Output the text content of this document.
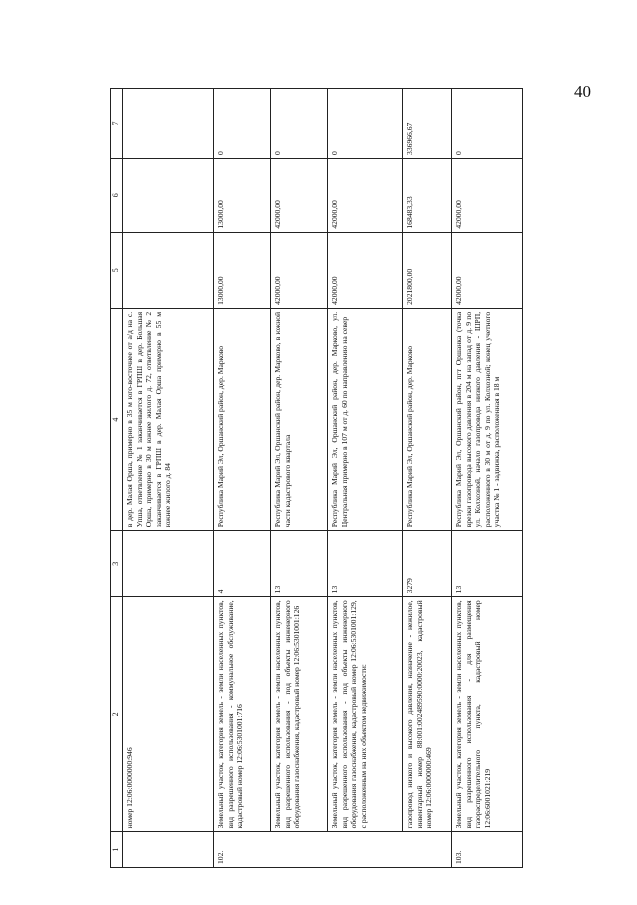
40
1	2	3	4	5	6	7
	номер 12:06:0000000:946		в дер. Малая Орша, примерно в 35 м юго-восточнее от а/д на с. Упша, ответвление № 1 заканчивается в ГРПШ в дер. Большая Орша, примерно в 30 м южнее жилого д. 72, ответвление № 2 заканчивается в ГРПШ в дер. Малая Орша примерно в 55 м южнее жилого д. 84			
102.	Земельный участок, категория земель - земли населенных пунктов, вид разрешенного использования - коммунальное обслуживание, кадастровый номер 12:06:5301001:716	4	Республика Марий Эл, Оршанский район, дер. Марково	13000,00	13000,00	0
	Земельный участок, категория земель - земли населенных пунктов, вид разрешенного использования - под объекты инженерного оборудования газоснабжения, кадастровый номер 12:06:5301001:126	13	Республика Марий Эл, Оршанский район, дер. Марково, в южной части кадастрового квартала	42000,00	42000,00	0
	Земельный участок, категория земель - земли населенных пунктов, вид разрешенного использования - под объекты инженерного оборудования газоснабжения, кадастровый номер 12:06:5301001:129, с расположенным на них объектом недвижимости:	13	Республика Марий Эл, Оршанский район, дер. Марково, ул. Центральная примерно в 107 м от д. 60 по направлению на север	42000,00	42000,00	0
	газопровод низкого и высокого давления, назначение - нежилое, инвентарный номер 88:001:002489590:0000:20023, кадастровый номер 12:06:0000000:469	3279	Республика Марий Эл, Оршанский район, дер. Марково	2021800,00	168483,33	336966,67
103.	Земельный участок, категория земель - земли населенных пунктов, вид разрешенного использования - для размещения газораспределительного пункта, кадастровый номер 12:06:6001021:219	13	Республика Марий Эл, Оршанский район, пгт Оршанка (точка врезки газопровода высокого давления в 204 м на запад от д. 9 по ул. Колхозной, начало газопровода низкого давления - ШРП, расположенного в 30 м от д. 9 по ул. Колхозной; конец учетного участка № 1 - задвижка, расположенная в 18 м	42000,00	42000,00	0
